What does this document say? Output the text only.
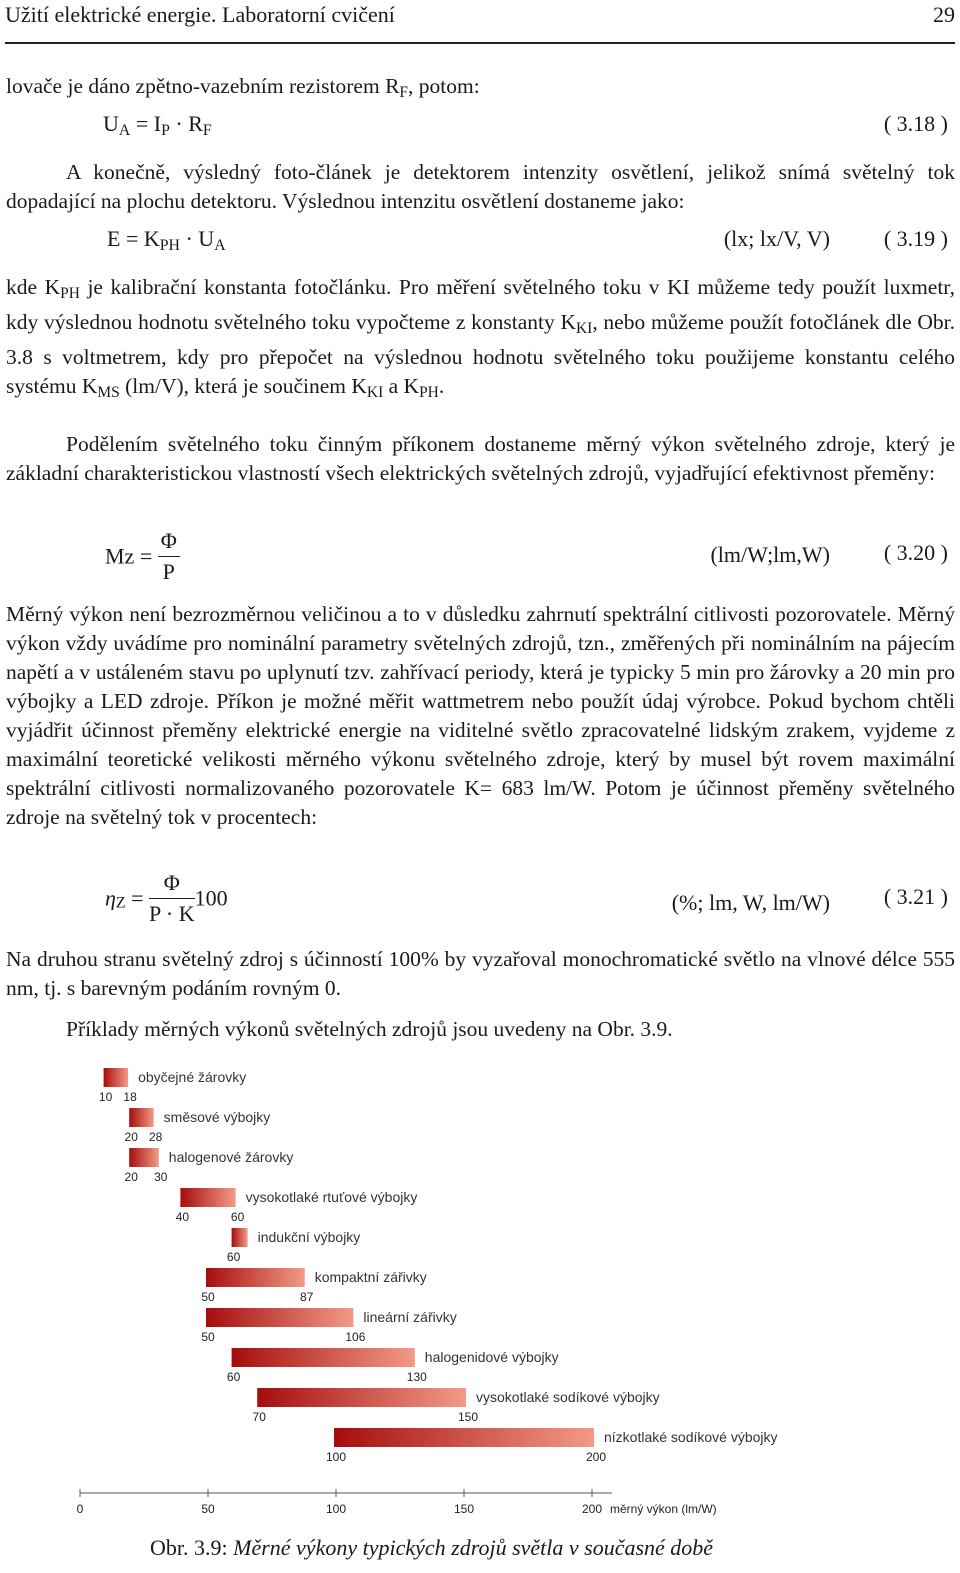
Užití elektrické energie. Laboratorní cvičení	29

lovače je dáno zpětno-vazebním rezistorem $R_F$, potom:

$U_A = I_P \cdot R_F$	( 3.18 )

A konečně, výsledný foto-článek je detektorem intenzity osvětlení, jelikož snímá světelný tok dopadající na plochu detektoru. Výslednou intenzitu osvětlení dostaneme jako:

$E = K_{PH} \cdot U_A$	(lx; lx/V, V) ( 3.19 )

kde $K_{PH}$ je kalibrační konstanta fotočlánku. Pro měření světelného toku v KI můžeme tedy použít luxmetr, kdy výslednou hodnotu světelného toku vypočteme z konstanty $K_{KI}$, nebo můžeme použít fotočlánek dle Obr. 3.8 s voltmetrem, kdy pro přepočet na výslednou hodnotu světelného toku použijeme konstantu celého systému $K_{MS}$ (lm/V), která je součinem $K_{KI}$ a $K_{PH}$.

Podělením světelného toku činným příkonem dostaneme měrný výkon světelného zdroje, který je základní charakteristickou vlastností všech elektrických světelných zdrojů, vyjadřující efektivnost přeměny:

$Mz = \frac{\Phi}{P}$	(lm/W;lm,W) ( 3.20 )

Měrný výkon není bezrozměrnou veličinou a to v důsledku zahrnutí spektrální citlivosti pozorovatele. Měrný výkon vždy uvádíme pro nominální parametry světelných zdrojů, tzn., změřených při nominálním na pájecím napětí a v ustáleném stavu po uplynutí tzv. zahřívací periody, která je typicky 5 min pro žárovky a 20 min pro výbojky a LED zdroje. Příkon je možné měřit wattmetrem nebo použít údaj výrobce. Pokud bychom chtěli vyjádřit účinnost přeměny elektrické energie na viditelné světlo zpracovatelné lidským zrakem, vyjdeme z maximální teoretické velikosti měrného výkonu světelného zdroje, který by musel být rovem maximální spektrální citlivosti normalizovaného pozorovatele K= 683 lm/W. Potom je účinnost přeměny světelného zdroje na světelný tok v procentech:

$\eta_Z = \frac{\Phi}{P \cdot K} 100$	(%; lm, W, lm/W) ( 3.21 )

Na druhou stranu světelný zdroj s účinností 100% by vyzařoval monochromatické světlo na vlnové délce 555 nm, tj. s barevným podáním rovným 0.

Příklady měrných výkonů světelných zdrojů jsou uvedeny na Obr. 3.9.

obyčejné žárovky
10 18
směsové výbojky
20 28
halogenové žárovky
20 30
vysokotlaké rtuťové výbojky
40	60
indukční výbojky
60
kompaktní zářivky
50	87
lineární zářivky
50	106
halogenidové výbojky
60	130
vysokotlaké sodíkové výbojky
70	150
nízkotlaké sodíkové výbojky
100	200
0	50	100	150	200 měrný výkon (lm/W)
Obr. 3.9: Měrné výkony typických zdrojů světla v současné době
